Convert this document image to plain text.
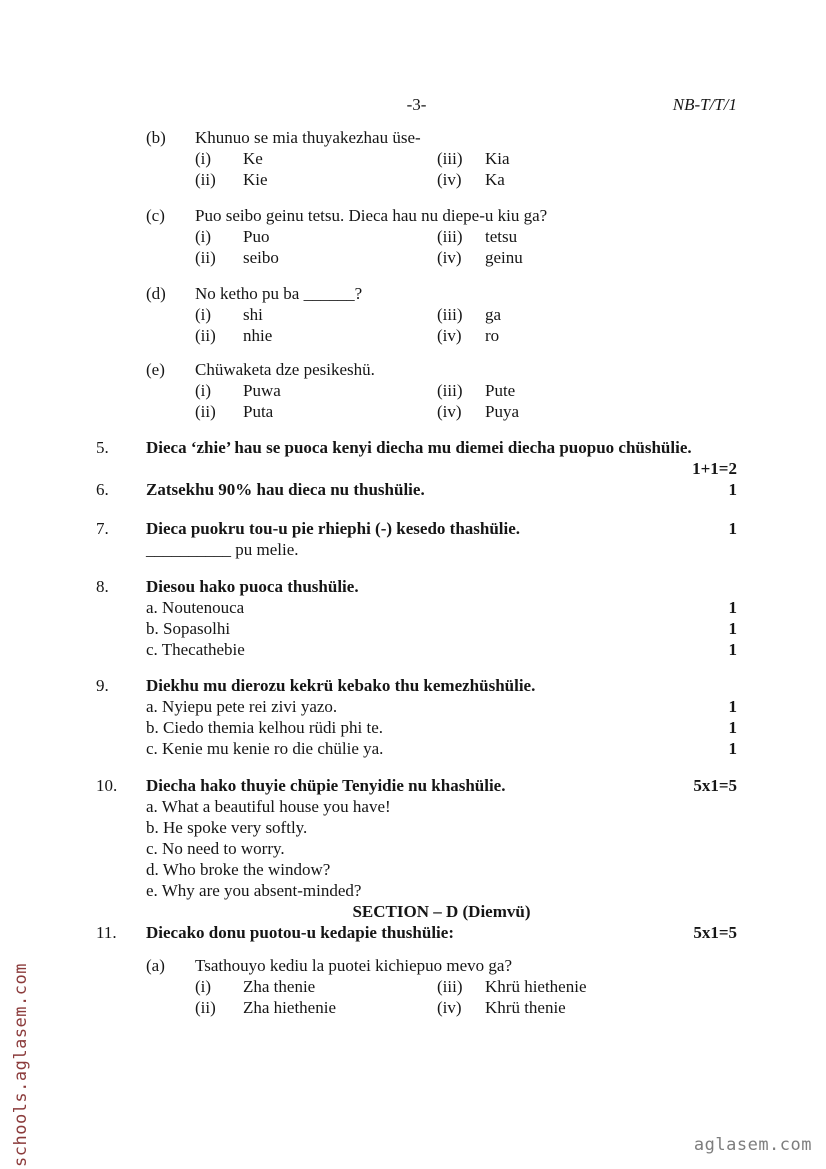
-3-	NB-T/T/1
(b)	Khunuo se mia thuyakezhau üse-
(i)	Ke	(iii)	Kia
(ii)	Kie	(iv)	Ka
(c)	Puo seibo geinu tetsu. Dieca hau nu diepe-u kiu ga?
(i)	Puo	(iii)	tetsu
(ii)	seibo	(iv)	geinu
(d)	No ketho pu ba ______?
(i)	shi	(iii)	ga
(ii)	nhie	(iv)	ro
(e)	Chüwaketa dze pesikeshü.
(i)	Puwa	(iii)	Pute
(ii)	Puta	(iv)	Puya
5.	Dieca ‘zhie’ hau se puoca kenyi diecha mu diemei diecha puopuo chüshülie.
1+1=2
6.	Zatsekhu 90% hau dieca nu thushülie.	1
7.	Dieca puokru tou-u pie rhiephi (-) kesedo thashülie.	1
__________ pu melie.
8.	Diesou hako puoca thushülie.
a. Noutenouca	1
b. Sopasolhi	1
c. Thecathebie	1
9.	Diekhu mu dierozu kekrü kebako thu kemezhüshülie.
a. Nyiepu pete rei zivi yazo.	1
b. Ciedo themia kelhou rüdi phi te.	1
c. Kenie mu kenie ro die chülie ya.	1
10.	Diecha hako thuyie chüpie Tenyidie nu khashülie.	5x1=5
a. What a beautiful house you have!
b. He spoke very softly.
c. No need to worry.
d. Who broke the window?
e. Why are you absent-minded?
SECTION – D (Diemvü)
11.	Diecako donu puotou-u kedapie thushülie:	5x1=5
(a)	Tsathouyo kediu la puotei kichiepuo mevo ga?
(i)	Zha thenie	(iii)	Khrü hiethenie
(ii)	Zha hiethenie	(iv)	Khrü thenie
schools.aglasem.com	aglasem.com
